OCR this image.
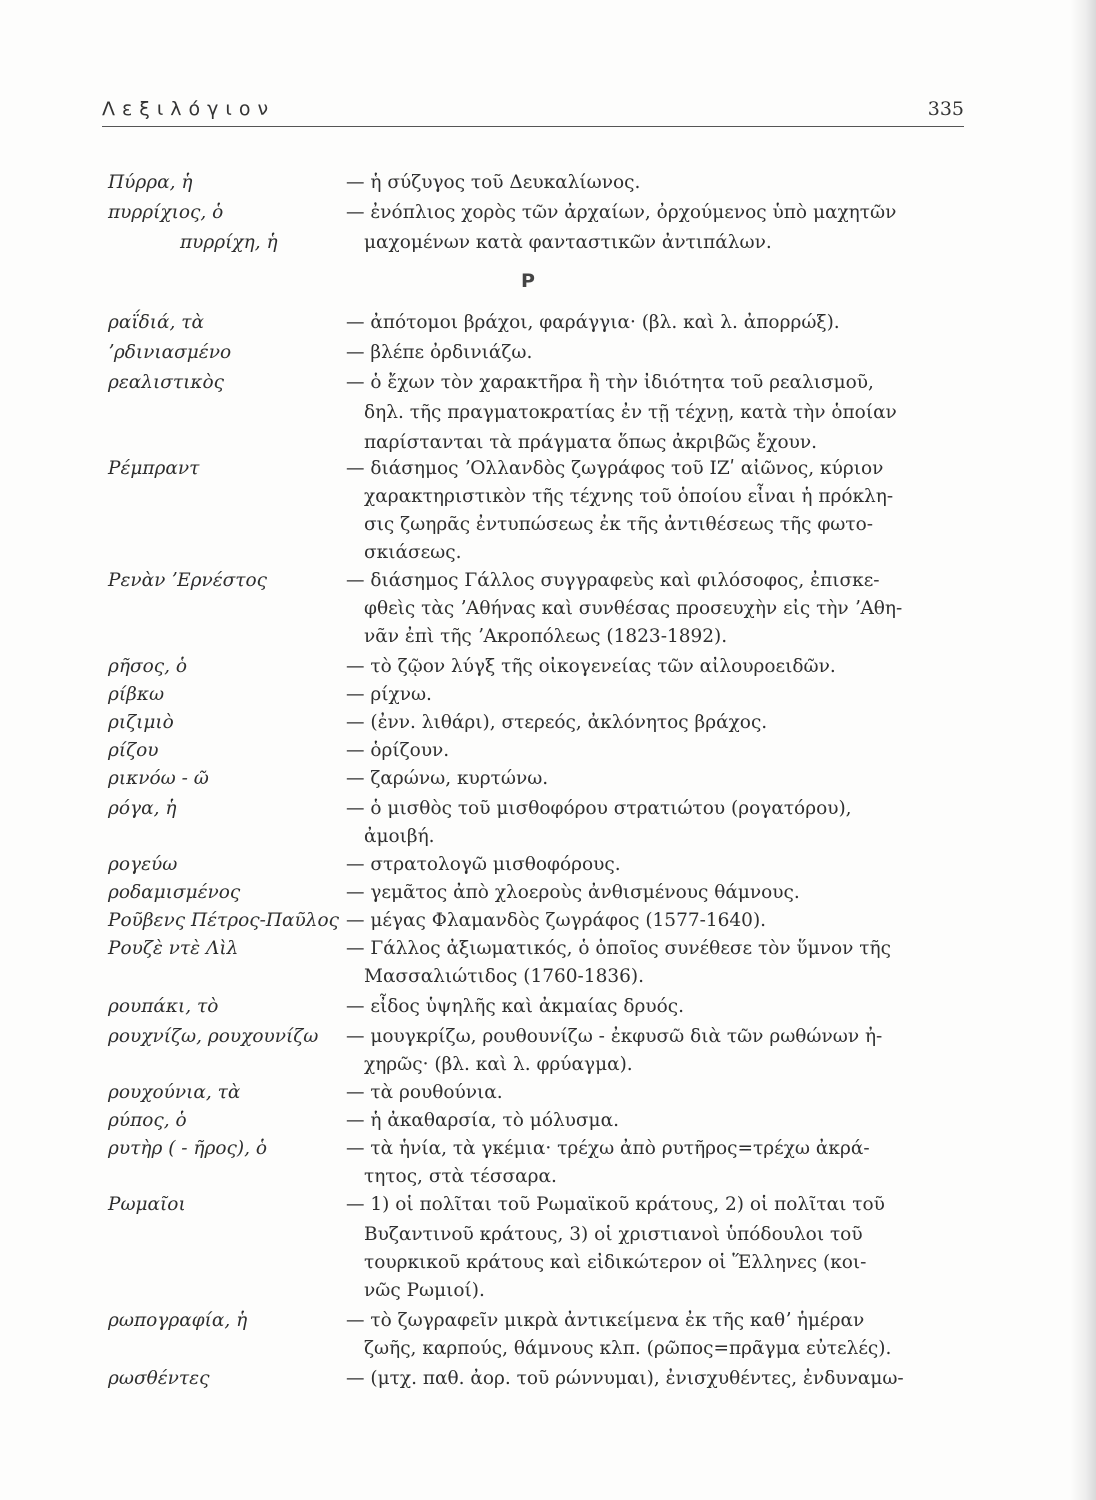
Λεξιλόγιον	335
Ρ
Πύρρα, ἡ	— ἡ σύζυγος τοῦ Δευκαλίωνος.
πυρρίχιος, ὁ	— ἐνόπλιος χορὸς τῶν ἀρχαίων, ὀρχούμενος ὑπὸ μαχητῶν
πυρρίχη, ἡ	μαχομένων κατὰ φανταστικῶν ἀντιπάλων.
ραΐδιά, τὰ	— ἀπότομοι βράχοι, φαράγγια· (βλ. καὶ λ. ἀπορρώξ).
ʼρδινιασμένο	— βλέπε ὀρδινιάζω.
ρεαλιστικὸς	— ὁ ἔχων τὸν χαρακτῆρα ἢ τὴν ἰδιότητα τοῦ ρεαλισμοῦ,
δηλ. τῆς πραγματοκρατίας ἐν τῇ τέχνῃ, κατὰ τὴν ὁποίαν
παρίστανται τὰ πράγματα ὅπως ἀκριβῶς ἔχουν.
Ρέμπραντ	— διάσημος ʼΟλλανδὸς ζωγράφος τοῦ ΙΖʹ αἰῶνος, κύριον
χαρακτηριστικὸν τῆς τέχνης τοῦ ὁποίου εἶναι ἡ πρόκλη-
σις ζωηρᾶς ἐντυπώσεως ἐκ τῆς ἀντιθέσεως τῆς φωτο-
σκιάσεως.
Ρενὰν ʼΕρνέστος	— διάσημος Γάλλος συγγραφεὺς καὶ φιλόσοφος, ἐπισκε-
φθεὶς τὰς ʼΑθήνας καὶ συνθέσας προσευχὴν εἰς τὴν ʼΑθη-
νᾶν ἐπὶ τῆς ʼΑκροπόλεως (1823-1892).
ρῆσος, ὁ	— τὸ ζῷον λύγξ τῆς οἰκογενείας τῶν αἰλουροειδῶν.
ρίβκω	— ρίχνω.
ριζιμιὸ	— (ἐνν. λιθάρι), στερεός, ἀκλόνητος βράχος.
ρίζου	— ὁρίζουν.
ρικνόω - ῶ	— ζαρώνω, κυρτώνω.
ρόγα, ἡ	— ὁ μισθὸς τοῦ μισθοφόρου στρατιώτου (ρογατόρου),
ἀμοιβή.
ρογεύω	— στρατολογῶ μισθοφόρους.
ροδαμισμένος	— γεμᾶτος ἀπὸ χλοεροὺς ἀνθισμένους θάμνους.
Ροῦβενς Πέτρος-Παῦλος — μέγας Φλαμανδὸς ζωγράφος (1577-1640).
Ρουζὲ ντὲ Λὶλ	— Γάλλος ἀξιωματικός, ὁ ὁποῖος συνέθεσε τὸν ὕμνον τῆς
Μασσαλιώτιδος (1760-1836).
ρουπάκι, τὸ	— εἶδος ὑψηλῆς καὶ ἀκμαίας δρυός.
ρουχνίζω, ρουχουνίζω — μουγκρίζω, ρουθουνίζω - ἐκφυσῶ διὰ τῶν ρωθώνων ἠ-
χηρῶς· (βλ. καὶ λ. φρύαγμα).
ρουχούνια, τὰ	— τὰ ρουθούνια.
ρύπος, ὁ	— ἡ ἀκαθαρσία, τὸ μόλυσμα.
ρυτὴρ ( - ῆρος), ὁ	— τὰ ἡνία, τὰ γκέμια· τρέχω ἀπὸ ρυτῆρος=τρέχω ἀκρά-
τητος, στὰ τέσσαρα.
Ρωμαῖοι	— 1) οἱ πολῖται τοῦ Ρωμαϊκοῦ κράτους, 2) οἱ πολῖται τοῦ
Βυζαντινοῦ κράτους, 3) οἱ χριστιανοὶ ὑπόδουλοι τοῦ
τουρκικοῦ κράτους καὶ εἰδικώτερον οἱ Ἕλληνες (κοι-
νῶς Ρωμιοί).
ρωπογραφία, ἡ	— τὸ ζωγραφεῖν μικρὰ ἀντικείμενα ἐκ τῆς καθʼ ἡμέραν
ζωῆς, καρπούς, θάμνους κλπ. (ρῶπος=πρᾶγμα εὐτελές).
ρωσθέντες	— (μτχ. παθ. ἀορ. τοῦ ρώννυμαι), ἐνισχυθέντες, ἐνδυναμω-
